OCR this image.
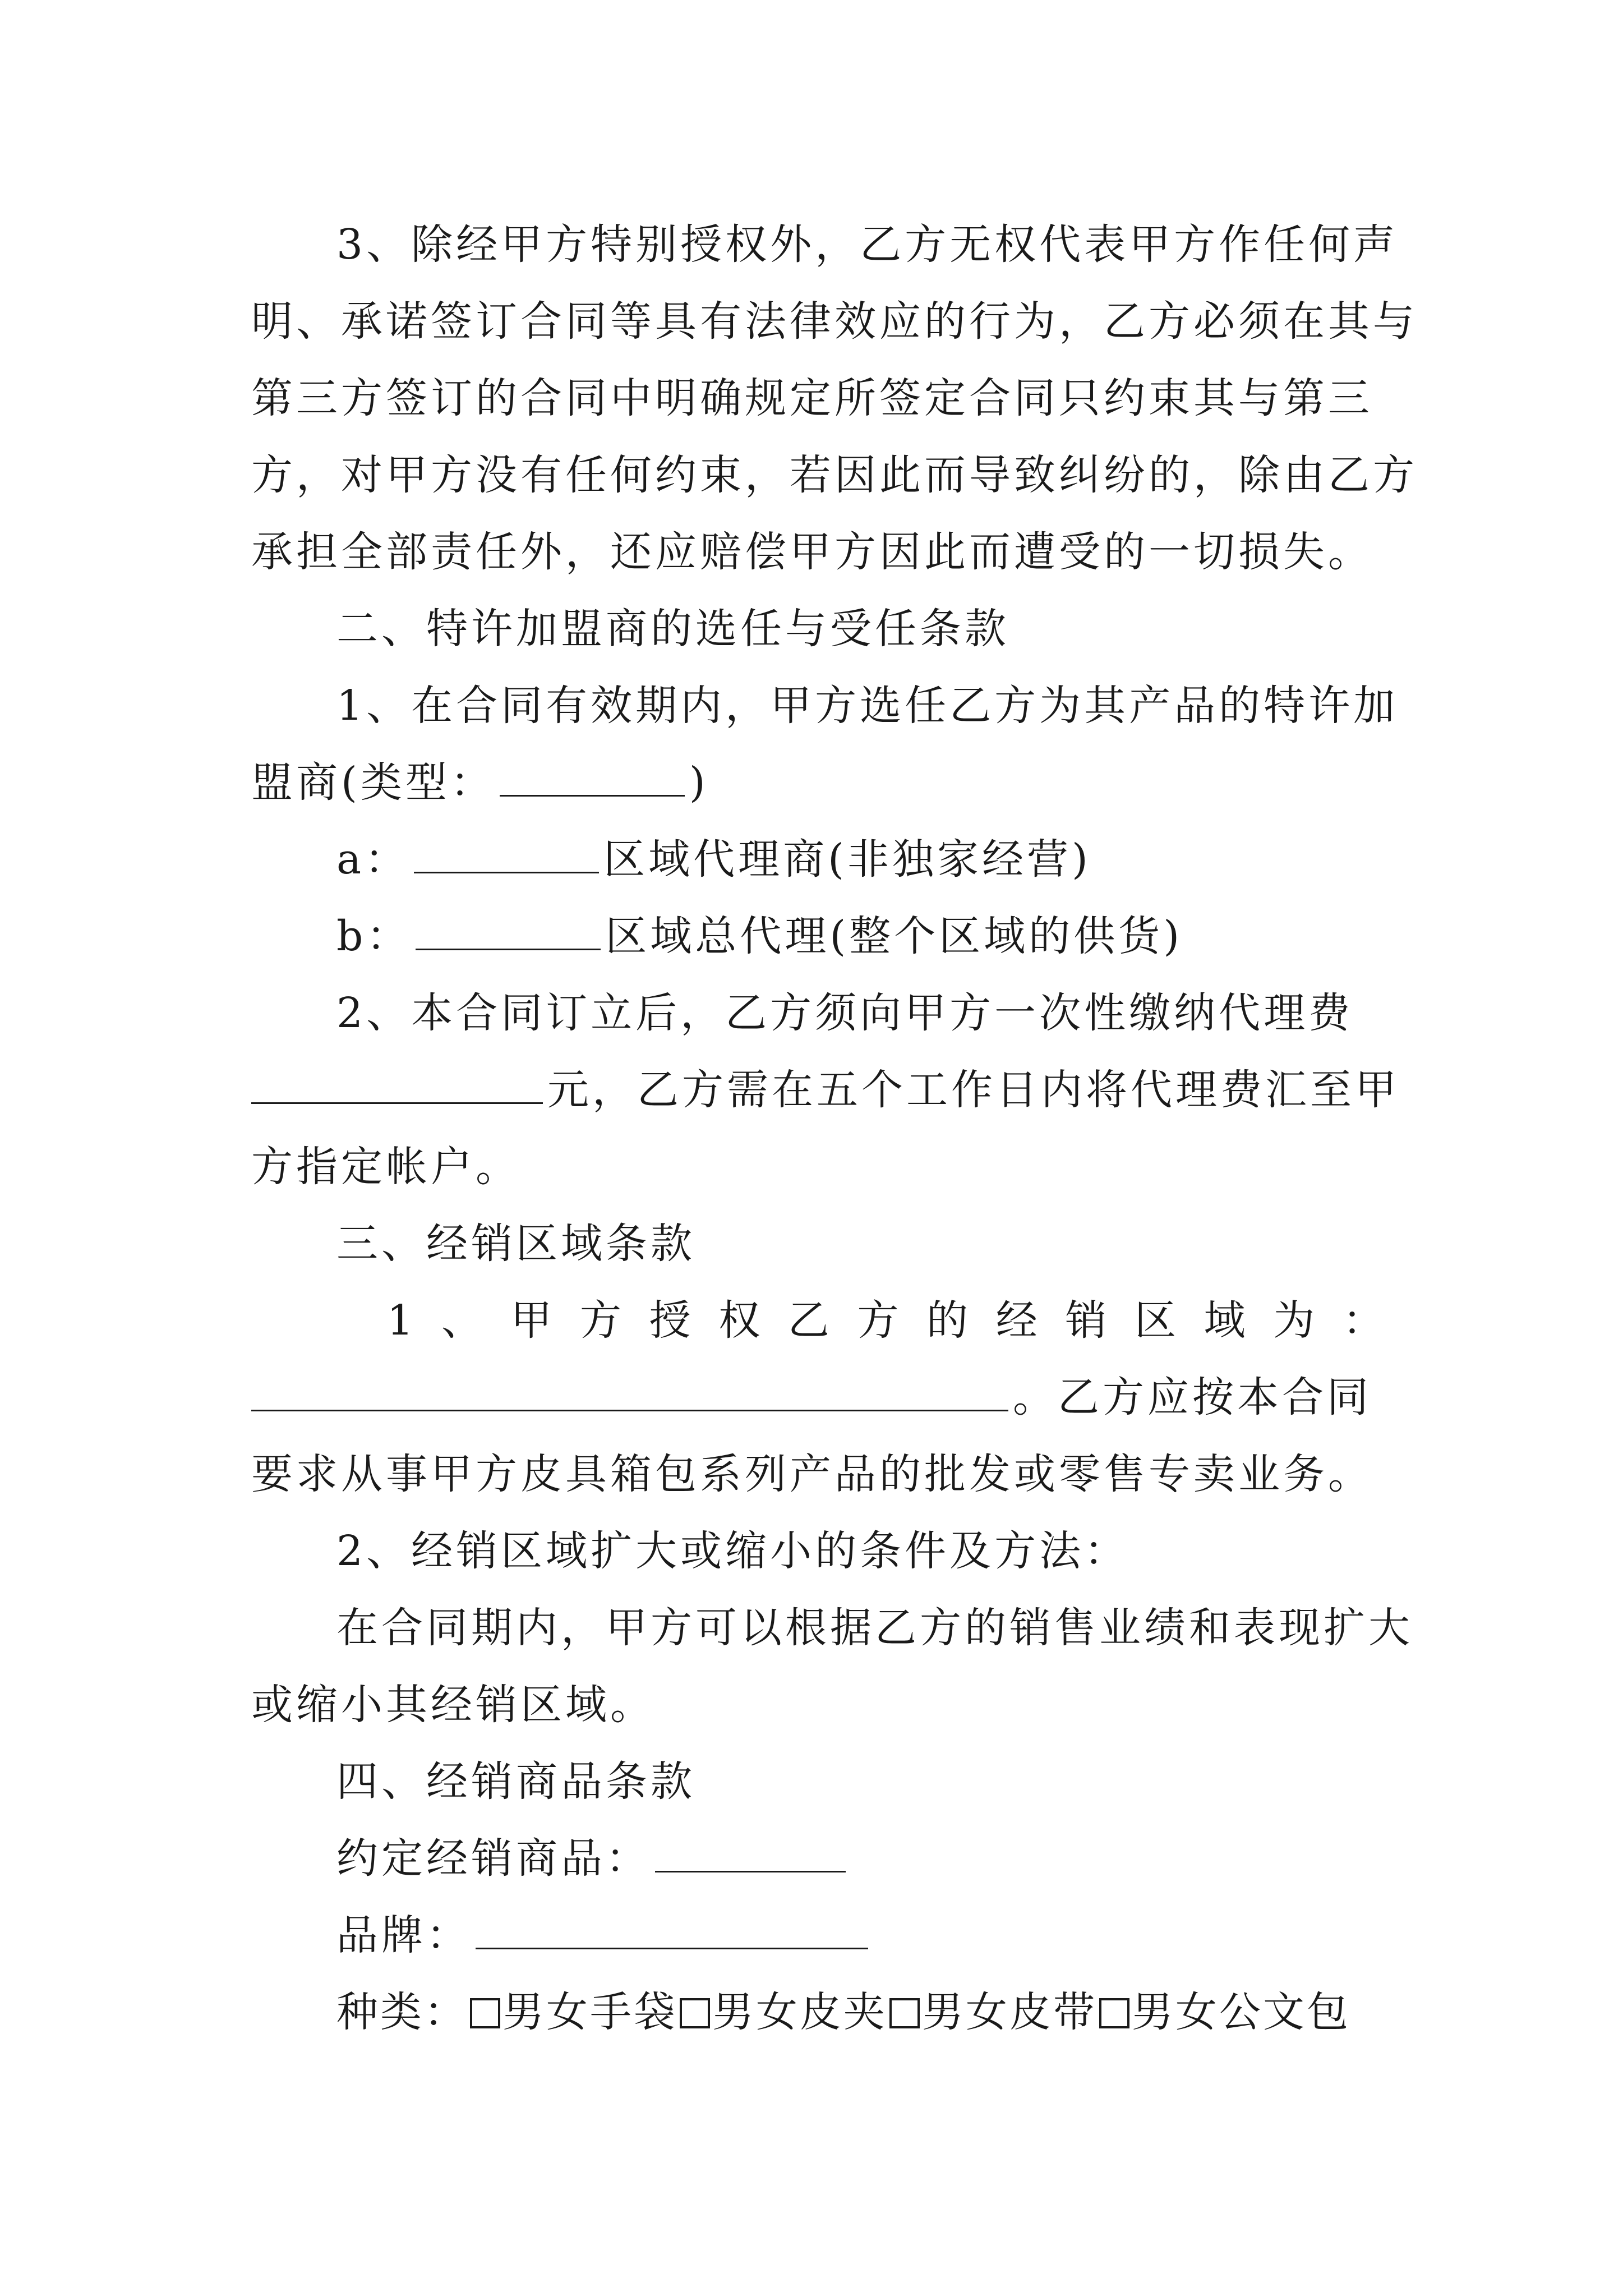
3、除经甲方特别授权外，乙方无权代表甲方作任何声
明、承诺签订合同等具有法律效应的行为，乙方必须在其与
第三方签订的合同中明确规定所签定合同只约束其与第三
方，对甲方没有任何约束，若因此而导致纠纷的，除由乙方
承担全部责任外，还应赔偿甲方因此而遭受的一切损失。
二、特许加盟商的选任与受任条款
1、在合同有效期内，甲方选任乙方为其产品的特许加
盟商(类型：	)
a：	区域代理商(非独家经营)
b：	区域总代理(整个区域的供货)
2、本合同订立后，乙方须向甲方一次性缴纳代理费
元，乙方需在五个工作日内将代理费汇至甲
方指定帐户。
三、经销区域条款
1 、 甲 方 授 权 乙 方 的 经 销 区 域 为 ：
。乙方应按本合同
要求从事甲方皮具箱包系列产品的批发或零售专卖业务。
2、经销区域扩大或缩小的条件及方法：
在合同期内，甲方可以根据乙方的销售业绩和表现扩大
或缩小其经销区域。
四、经销商品条款
约定经销商品：
品牌：
种类： 男女手袋 男女皮夹 男女皮带 男女公文包
